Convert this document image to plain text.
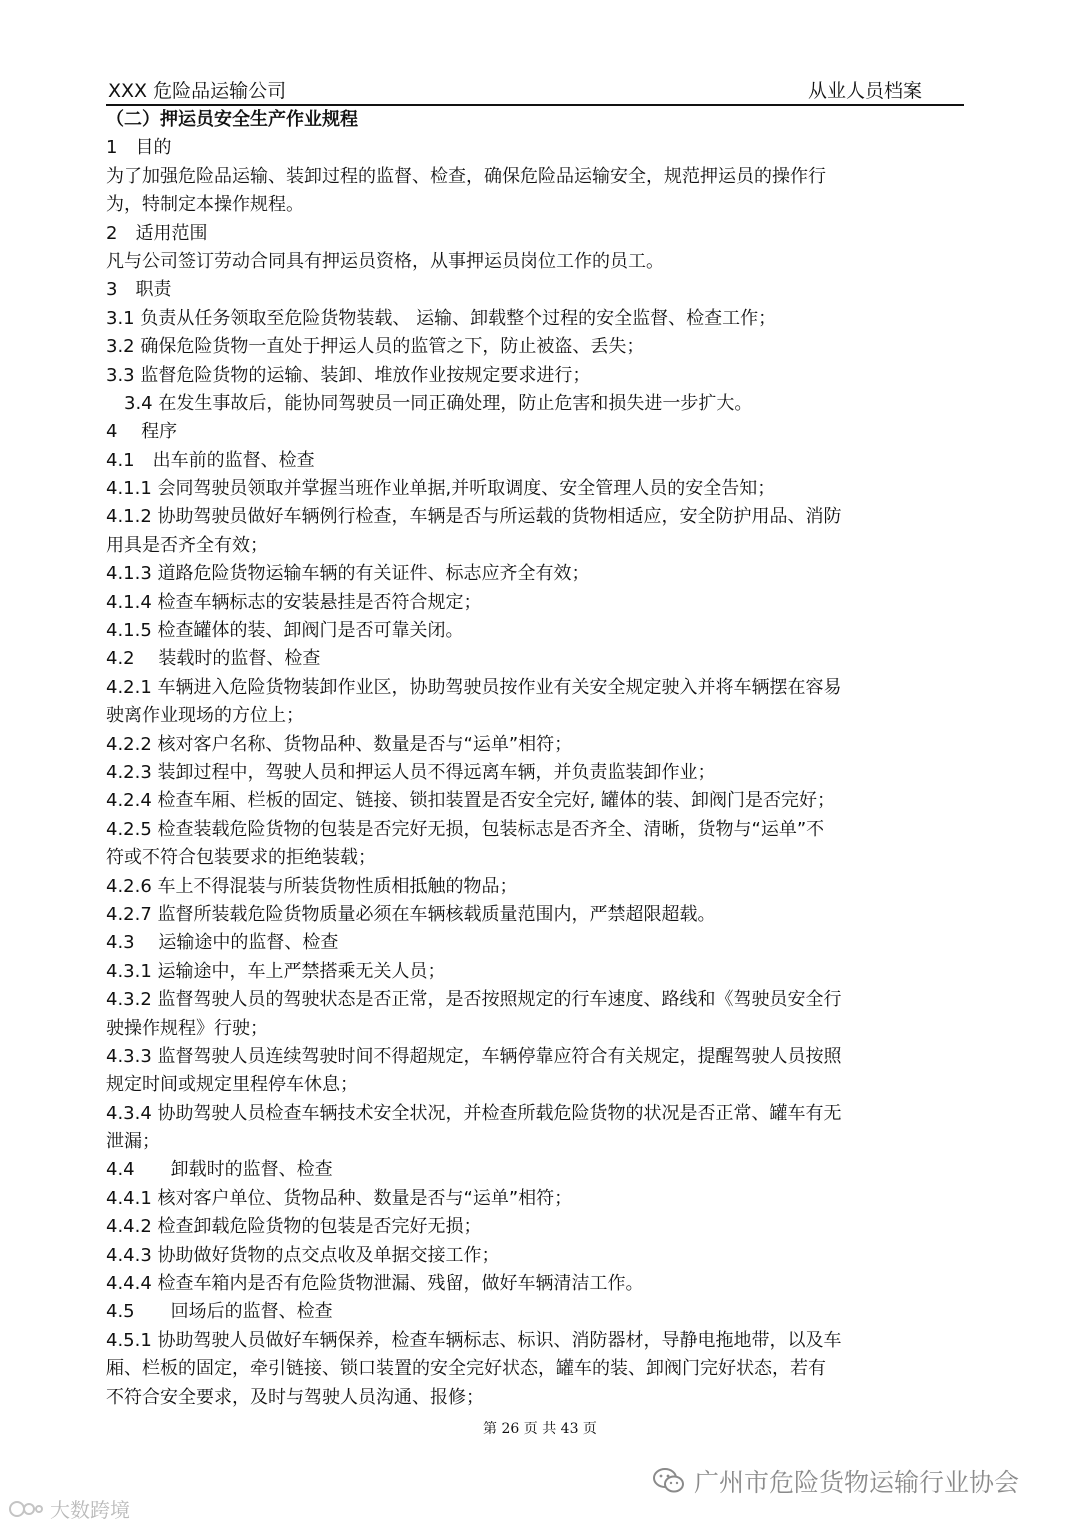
XXX 危险品运输公司	从业人员档案
（二）押运员安全生产作业规程
1　目的
为了加强危险品运输、装卸过程的监督、检查，确保危险品运输安全，规范押运员的操作行
为，特制定本操作规程。
2　适用范围
凡与公司签订劳动合同具有押运员资格，从事押运员岗位工作的员工。
3　职责
3.1 负责从任务领取至危险货物装载、 运输、卸载整个过程的安全监督、检查工作；
3.2 确保危险货物一直处于押运人员的监管之下，防止被盗、丢失；
3.3 监督危险货物的运输、装卸、堆放作业按规定要求进行；
3.4 在发生事故后，能协同驾驶员一同正确处理，防止危害和损失进一步扩大。
4　 程序
4.1　出车前的监督、检查
4.1.1 会同驾驶员领取并掌握当班作业单据,并听取调度、安全管理人员的安全告知；
4.1.2 协助驾驶员做好车辆例行检查，车辆是否与所运载的货物相适应，安全防护用品、消防
用具是否齐全有效；
4.1.3 道路危险货物运输车辆的有关证件、标志应齐全有效；
4.1.4 检查车辆标志的安装悬挂是否符合规定；
4.1.5 检查罐体的装、卸阀门是否可靠关闭。
4.2　 装载时的监督、检查
4.2.1 车辆进入危险货物装卸作业区，协助驾驶员按作业有关安全规定驶入并将车辆摆在容易
驶离作业现场的方位上；
4.2.2 核对客户名称、货物品种、数量是否与“运单”相符；
4.2.3 装卸过程中，驾驶人员和押运人员不得远离车辆，并负责监装卸作业；
4.2.4 检查车厢、栏板的固定、链接、锁扣装置是否安全完好, 罐体的装、卸阀门是否完好；
4.2.5 检查装载危险货物的包装是否完好无损，包装标志是否齐全、清晰，货物与“运单”不
符或不符合包装要求的拒绝装载；
4.2.6 车上不得混装与所装货物性质相抵触的物品；
4.2.7 监督所装载危险货物质量必须在车辆核载质量范围内，严禁超限超载。
4.3　 运输途中的监督、检查
4.3.1 运输途中，车上严禁搭乘无关人员；
4.3.2 监督驾驶人员的驾驶状态是否正常，是否按照规定的行车速度、路线和《驾驶员安全行
驶操作规程》行驶；
4.3.3 监督驾驶人员连续驾驶时间不得超规定，车辆停靠应符合有关规定，提醒驾驶人员按照
规定时间或规定里程停车休息；
4.3.4 协助驾驶人员检查车辆技术安全状况，并检查所载危险货物的状况是否正常、罐车有无
泄漏；
4.4　　卸载时的监督、检查
4.4.1 核对客户单位、货物品种、数量是否与“运单”相符；
4.4.2 检查卸载危险货物的包装是否完好无损；
4.4.3 协助做好货物的点交点收及单据交接工作；
4.4.4 检查车箱内是否有危险货物泄漏、残留，做好车辆清洁工作。
4.5　　回场后的监督、检查
4.5.1 协助驾驶人员做好车辆保养，检查车辆标志、标识、消防器材，导静电拖地带，以及车
厢、栏板的固定，牵引链接、锁口装置的安全完好状态，罐车的装、卸阀门完好状态，若有
不符合安全要求，及时与驾驶人员沟通、报修；
第 26 页 共 43 页
广州市危险货物运输行业协会
大数跨境
